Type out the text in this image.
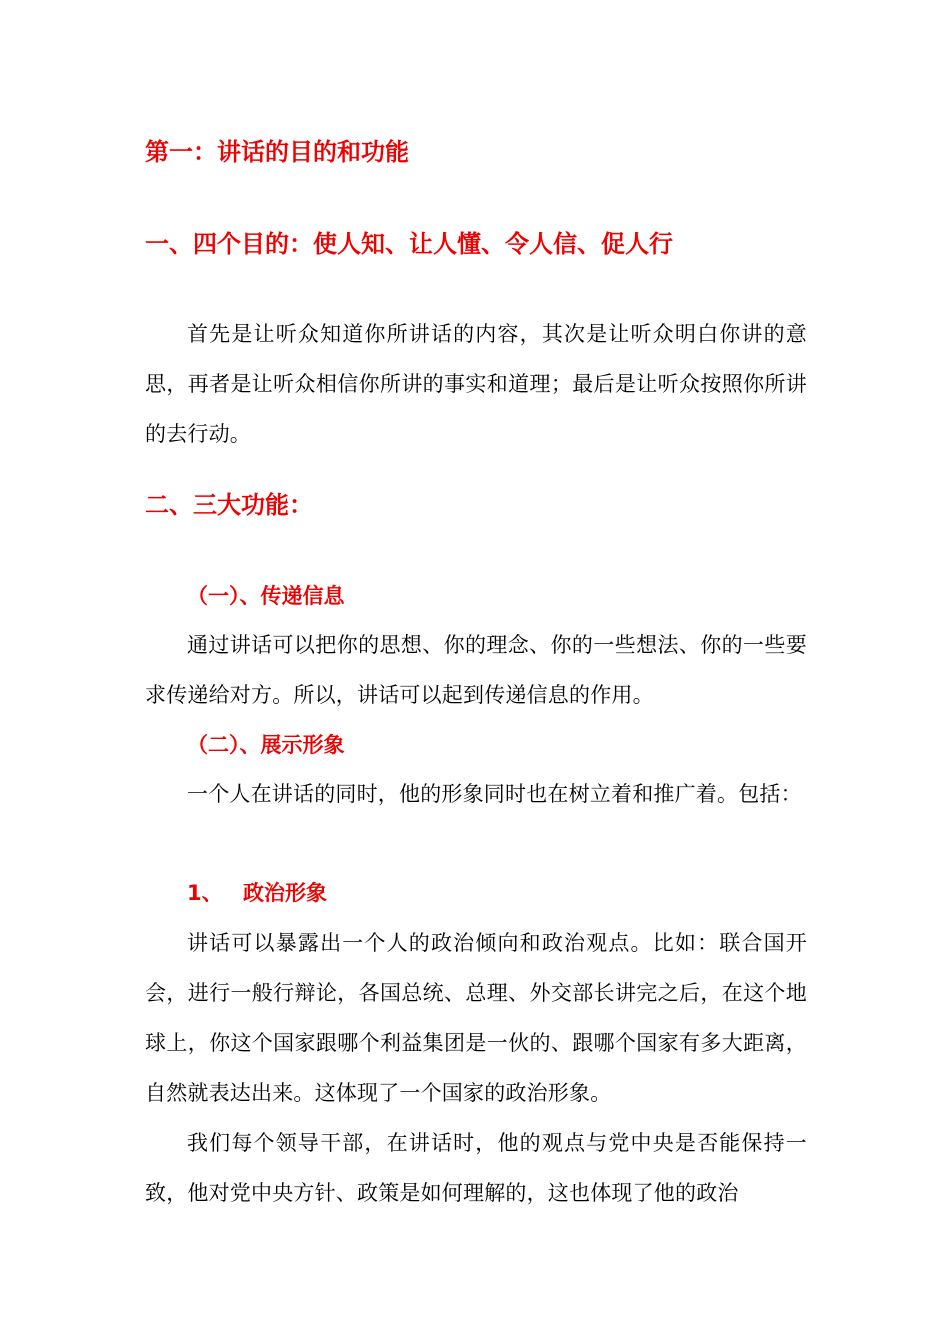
第一：讲话的目的和功能
一、四个目的：使人知、让人懂、令人信、促人行

首先是让听众知道你所讲话的内容，其次是让听众明白你讲的意思，再者是让听众相信你所讲的事实和道理；最后是让听众按照你所讲的去行动。

二、三大功能：
（一）、传递信息

通过讲话可以把你的思想、你的理念、你的一些想法、你的一些要求传递给对方。所以，讲话可以起到传递信息的作用。

（二）、展示形象

一个人在讲话的同时，他的形象同时也在树立着和推广着。包括：

1、 政治形象

讲话可以暴露出一个人的政治倾向和政治观点。比如：联合国开会，进行一般行辩论，各国总统、总理、外交部长讲完之后，在这个地球上，你这个国家跟哪个利益集团是一伙的、跟哪个国家有多大距离，自然就表达出来。这体现了一个国家的政治形象。

我们每个领导干部，在讲话时，他的观点与党中央是否能保持一致，他对党中央方针、政策是如何理解的，这也体现了他的政治
